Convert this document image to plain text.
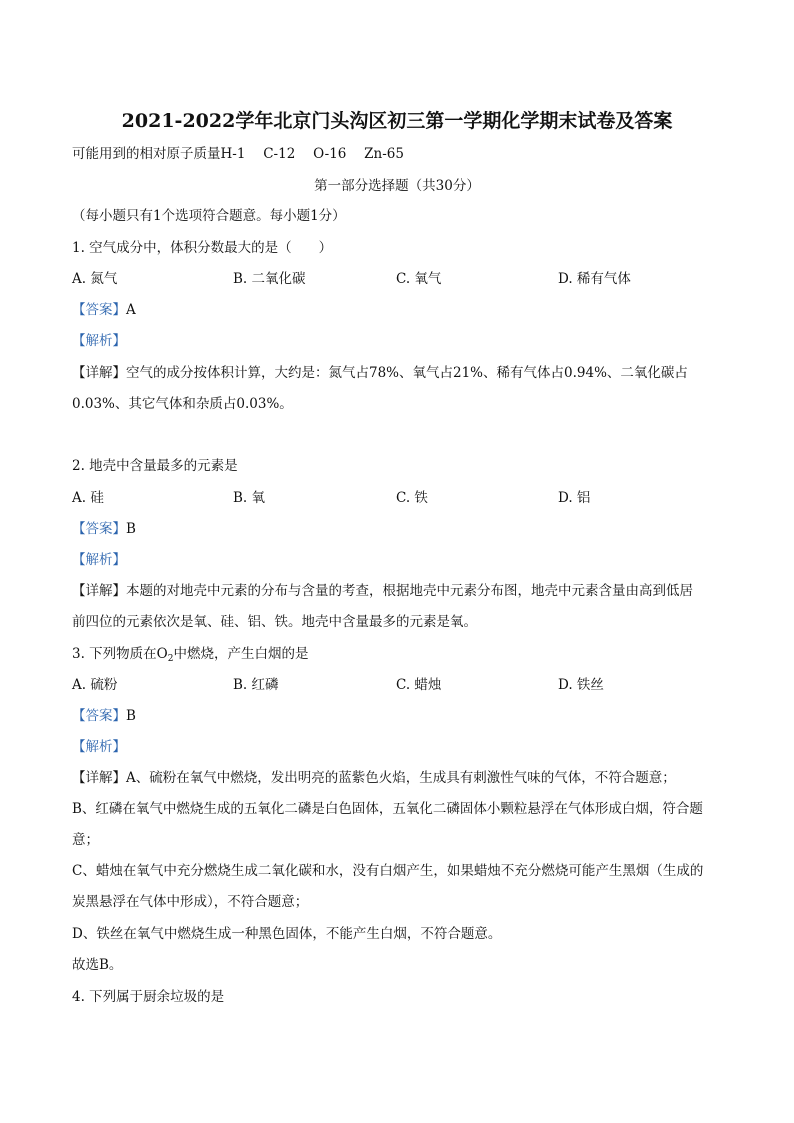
2021-2022学年北京门头沟区初三第一学期化学期末试卷及答案
可能用到的相对原子质量H-1　 C-12　 O-16　 Zn-65
第一部分选择题（共30分）
（每小题只有1个选项符合题意。每小题1分）
1. 空气成分中，体积分数最大的是（　　）
A. 氮气	B. 二氧化碳	C. 氧气	D. 稀有气体
【答案】A
【解析】
【详解】空气的成分按体积计算，大约是：氮气占78%、氧气占21%、稀有气体占0.94%、二氧化碳占
0.03%、其它气体和杂质占0.03%。
2. 地壳中含量最多的元素是
A. 硅	B. 氧	C. 铁	D. 铝
【答案】B
【解析】
【详解】本题的对地壳中元素的分布与含量的考查，根据地壳中元素分布图，地壳中元素含量由高到低居
前四位的元素依次是氧、硅、铝、铁。地壳中含量最多的元素是氧。
3. 下列物质在$O_2$中燃烧，产生白烟的是
A. 硫粉	B. 红磷	C. 蜡烛	D. 铁丝
【答案】B
【解析】
【详解】A、硫粉在氧气中燃烧，发出明亮的蓝紫色火焰，生成具有刺激性气味的气体，不符合题意；
B、红磷在氧气中燃烧生成的五氧化二磷是白色固体，五氧化二磷固体小颗粒悬浮在气体形成白烟，符合题
意；
C、蜡烛在氧气中充分燃烧生成二氧化碳和水，没有白烟产生，如果蜡烛不充分燃烧可能产生黑烟（生成的
炭黑悬浮在气体中形成），不符合题意；
D、铁丝在氧气中燃烧生成一种黑色固体，不能产生白烟，不符合题意。
故选B。
4. 下列属于厨余垃圾的是
